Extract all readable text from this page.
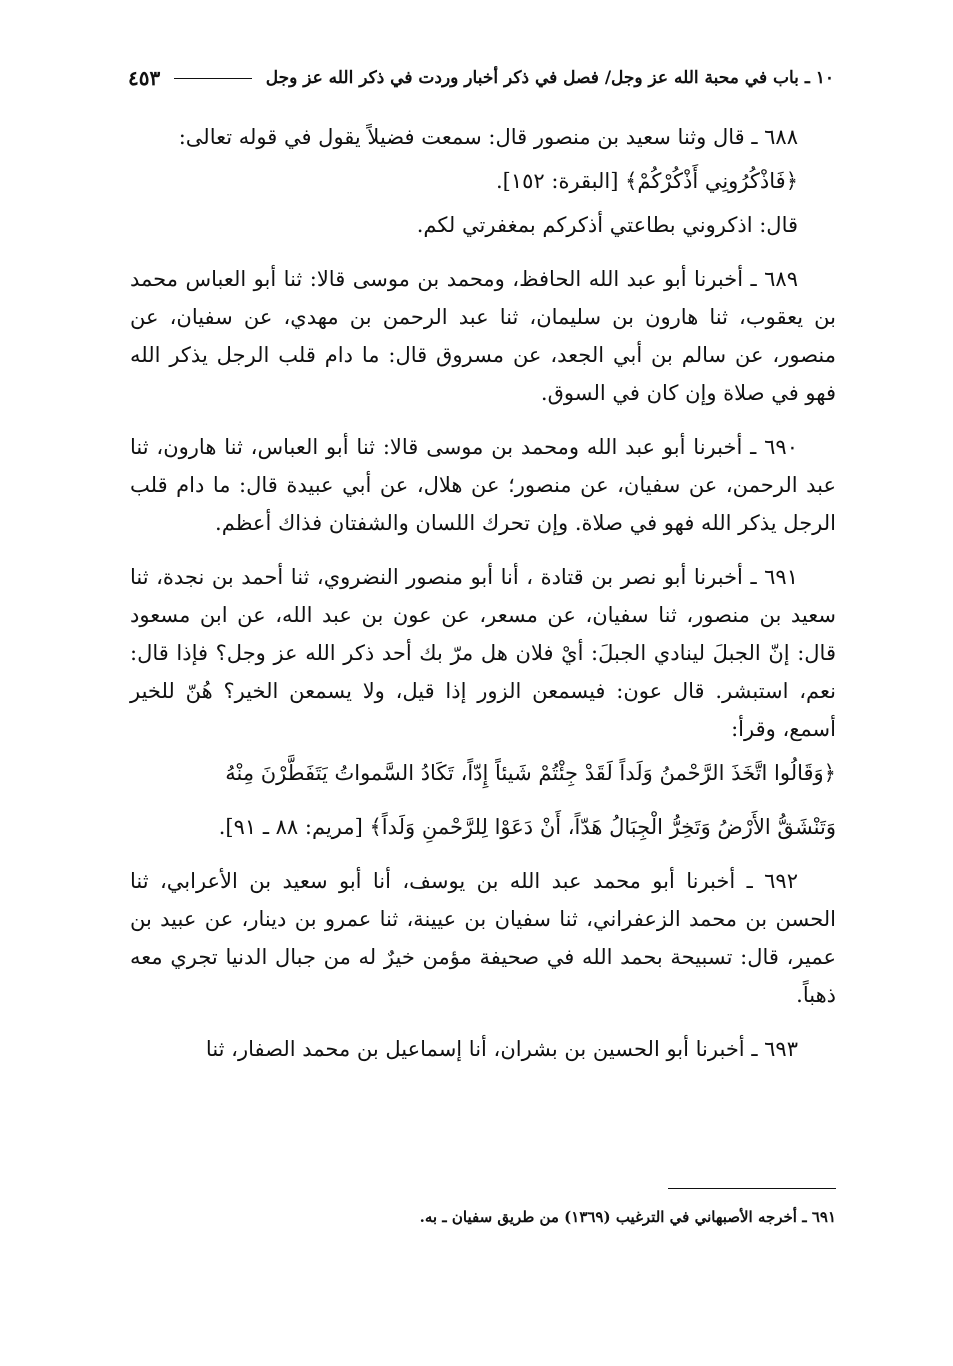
١٠ ـ باب في محبة الله عز وجل/ فصل في ذكر أخبار وردت في ذكر الله عز وجل
٤٥٣

٦٨٨ ـ قال وثنا سعيد بن منصور قال: سمعت فضيلاً يقول في قوله تعالى:

﴿فَاذْكُرُونِي أَذْكُرْكُمْ﴾ [البقرة: ١٥٢].

قال: اذكروني بطاعتي أذكركم بمغفرتي لكم.

٦٨٩ ـ أخبرنا أبو عبد الله الحافظ، ومحمد بن موسى قالا: ثنا أبو العباس محمد بن يعقوب، ثنا هارون بن سليمان، ثنا عبد الرحمن بن مهدي، عن سفيان، عن منصور، عن سالم بن أبي الجعد، عن مسروق قال: ما دام قلب الرجل يذكر الله فهو في صلاة وإن كان في السوق.

٦٩٠ ـ أخبرنا أبو عبد الله ومحمد بن موسى قالا: ثنا أبو العباس، ثنا هارون، ثنا عبد الرحمن، عن سفيان، عن منصور؛ عن هلال، عن أبي عبيدة قال: ما دام قلب الرجل يذكر الله فهو في صلاة. وإن تحرك اللسان والشفتان فذاك أعظم.

٦٩١ ـ أخبرنا أبو نصر بن قتادة ، أنا أبو منصور النضروي، ثنا أحمد بن نجدة، ثنا سعيد بن منصور، ثنا سفيان، عن مسعر، عن عون بن عبد الله، عن ابن مسعود قال: إنّ الجبلَ لينادي الجبلَ: أيْ فلان هل مرّ بك أحد ذكر الله عز وجل؟ فإذا قال: نعم، استبشر. قال عون: فيسمعن الزور إذا قيل، ولا يسمعن الخير؟ هُنّ للخير أسمع، وقرأ:

﴿وَقَالُوا اتَّخَذَ الرَّحْمنُ وَلَداً لَقَدْ جِئْتُمْ شَيئاً إِدّاً، تَكَادُ السَّمواتُ يَتَفَطَّرْنَ مِنْهُ

وَتَنْشَقُّ الأَرْضُ وَتَخِرُّ الْجِبَالُ هَدّاً، أَنْ دَعَوْا لِلرَّحْمنِ وَلَداً﴾ [مريم: ٨٨ ـ ٩١].

٦٩٢ ـ أخبرنا أبو محمد عبد الله بن يوسف، أنا أبو سعيد بن الأعرابي، ثنا الحسن بن محمد الزعفراني، ثنا سفيان بن عيينة، ثنا عمرو بن دينار، عن عبيد بن عمير، قال: تسبيحة بحمد الله في صحيفة مؤمن خيرٌ له من جبال الدنيا تجري معه ذهباً.

٦٩٣ ـ أخبرنا أبو الحسين بن بشران، أنا إسماعيل بن محمد الصفار، ثنا

٦٩١ ـ أخرجه الأصبهاني في الترغيب (١٣٦٩) من طريق سفيان ـ به.
